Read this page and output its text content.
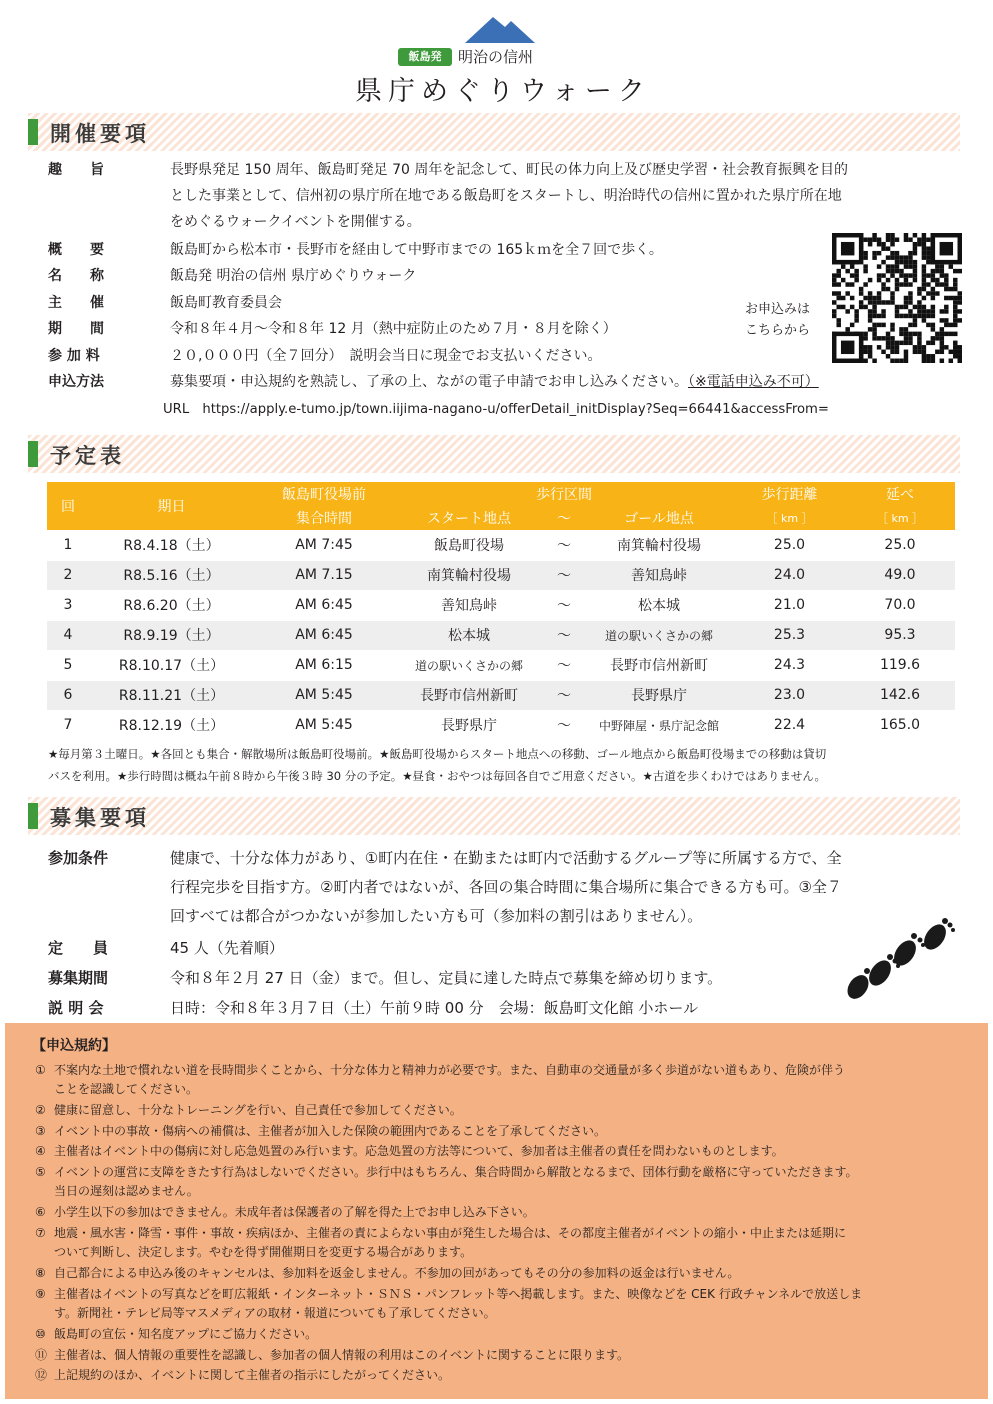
飯島発	明治の信州
県庁めぐりウォーク
開催要項
趣　　旨	長野県発足 150 周年、飯島町発足 70 周年を記念して、町民の体力向上及び歴史学習・社会教育振興を目的
とした事業として、信州初の県庁所在地である飯島町をスタートし、明治時代の信州に置かれた県庁所在地
をめぐるウォークイベントを開催する。
概　　要	飯島町から松本市・長野市を経由して中野市までの 165ｋｍを全７回で歩く。
名　　称	飯島発 明治の信州 県庁めぐりウォーク
主　　催	飯島町教育委員会
期　　間	令和８年４月～令和８年 12 月（熱中症防止のため７月・８月を除く）
参 加 料	２０,０００円（全７回分）　説明会当日に現金でお支払いください。
申込方法	募集要項・申込規約を熟読し、了承の上、ながの電子申請でお申し込みください。（※電話申込み不可）
URL　 https://apply.e-tumo.jp/town.iijima-nagano-u/offerDetail_initDisplay?Seq=66441&accessFrom=
お申込みは
こちらから
予定表
回	期日	飯島町役場前	歩行区間			歩行距離	延べ
		集合時間	スタート地点	～	ゴール地点	［ km ］	［ km ］
1	R8.4.18（土）	AM 7:45	飯島町役場	～	南箕輪村役場	25.0	25.0
2	R8.5.16（土）	AM 7.15	南箕輪村役場	～	善知鳥峠	24.0	49.0
3	R8.6.20（土）	AM 6:45	善知鳥峠	～	松本城	21.0	70.0
4	R8.9.19（土）	AM 6:45	松本城	～	道の駅いくさかの郷	25.3	95.3
5	R8.10.17（土）	AM 6:15	道の駅いくさかの郷	～	長野市信州新町	24.3	119.6
6	R8.11.21（土）	AM 5:45	長野市信州新町	～	長野県庁	23.0	142.6
7	R8.12.19（土）	AM 5:45	長野県庁	～	中野陣屋・県庁記念館	22.4	165.0
★毎月第３土曜日。★各回とも集合・解散場所は飯島町役場前。★飯島町役場からスタート地点への移動、ゴール地点から飯島町役場までの移動は貸切
バスを利用。★歩行時間は概ね午前８時から午後３時 30 分の予定。★昼食・おやつは毎回各自でご用意ください。★古道を歩くわけではありません。
募集要項
参加条件	健康で、十分な体力があり、①町内在住・在勤または町内で活動するグループ等に所属する方で、全
行程完歩を目指す方。②町内者ではないが、各回の集合時間に集合場所に集合できる方も可。③全７
回すべては都合がつかないが参加したい方も可（参加料の割引はありません）。
定　　員	45 人（先着順）
募集期間	令和８年２月 27 日（金）まで。但し、定員に達した時点で募集を締め切ります。
説 明 会	日時：令和８年３月７日（土）午前９時 00 分　会場：飯島町文化館 小ホール
【申込規約】
① 不案内な土地で慣れない道を長時間歩くことから、十分な体力と精神力が必要です。また、自動車の交通量が多く歩道がない道もあり、危険が伴う
ことを認識してください。
② 健康に留意し、十分なトレーニングを行い、自己責任で参加してください。
③ イベント中の事故・傷病への補償は、主催者が加入した保険の範囲内であることを了承してください。
④ 主催者はイベント中の傷病に対し応急処置のみ行います。応急処置の方法等について、参加者は主催者の責任を問わないものとします。
⑤ イベントの運営に支障をきたす行為はしないでください。歩行中はもちろん、集合時間から解散となるまで、団体行動を厳格に守っていただきます。
当日の遅刻は認めません。
⑥ 小学生以下の参加はできません。未成年者は保護者の了解を得た上でお申し込み下さい。
⑦ 地震・風水害・降雪・事件・事故・疾病ほか、主催者の責によらない事由が発生した場合は、その都度主催者がイベントの縮小・中止または延期に
ついて判断し、決定します。やむを得ず開催期日を変更する場合があります。
⑧ 自己都合による申込み後のキャンセルは、参加料を返金しません。不参加の回があってもその分の参加料の返金は行いません。
⑨ 主催者はイベントの写真などを町広報紙・インターネット・ＳＮＳ・パンフレット等へ掲載します。また、映像などを CEK 行政チャンネルで放送しま
す。新聞社・テレビ局等マスメディアの取材・報道についても了承してください。
⑩ 飯島町の宣伝・知名度アップにご協力ください。
⑪ 主催者は、個人情報の重要性を認識し、参加者の個人情報の利用はこのイベントに関することに限ります。
⑫ 上記規約のほか、イベントに関して主催者の指示にしたがってください。
